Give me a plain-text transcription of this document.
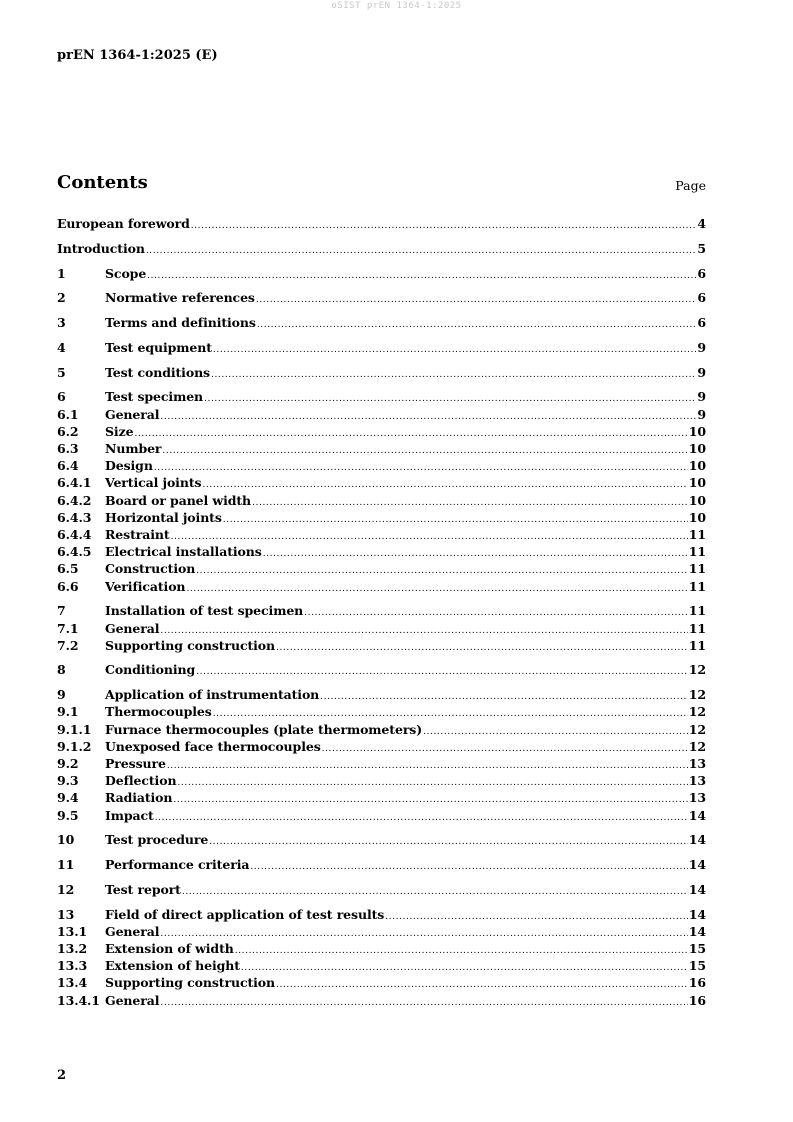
oSIST prEN 1364-1:2025
prEN 1364-1:2025 (E)
Contents	Page
European foreword .....	4
Introduction .....	5
1	Scope .....	6
2	Normative references .....	6
3	Terms and definitions .....	6
4	Test equipment .....	9
5	Test conditions .....	9
6	Test specimen .....	9
6.1	General .....	9
6.2	Size .....	10
6.3	Number .....	10
6.4	Design .....	10
6.4.1	Vertical joints .....	10
6.4.2	Board or panel width .....	10
6.4.3	Horizontal joints .....	10
6.4.4	Restraint .....	11
6.4.5	Electrical installations .....	11
6.5	Construction .....	11
6.6	Verification .....	11
7	Installation of test specimen .....	11
7.1	General .....	11
7.2	Supporting construction .....	11
8	Conditioning .....	12
9	Application of instrumentation .....	12
9.1	Thermocouples .....	12
9.1.1	Furnace thermocouples (plate thermometers) .....	12
9.1.2	Unexposed face thermocouples .....	12
9.2	Pressure .....	13
9.3	Deflection .....	13
9.4	Radiation .....	13
9.5	Impact .....	14
10	Test procedure .....	14
11	Performance criteria .....	14
12	Test report .....	14
13	Field of direct application of test results .....	14
13.1	General .....	14
13.2	Extension of width .....	15
13.3	Extension of height .....	15
13.4	Supporting construction .....	16
13.4.1 General .....	16
2
